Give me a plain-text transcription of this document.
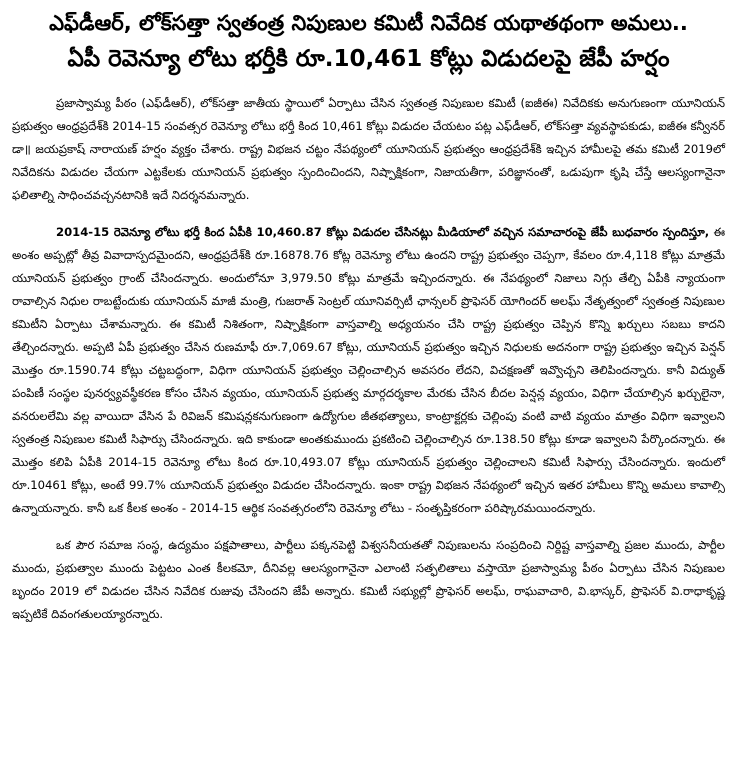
ఎఫ్‌డీఆర్, లోక్‌సత్తా స్వతంత్ర నిపుణుల కమిటీ నివేదిక యథాతథంగా అమలు..
ఏపీ రెవెన్యూ లోటు భర్తీకి రూ.10,461 కోట్లు విడుదలపై జేపీ హర్షం

ప్రజాస్వామ్య పీఠం (ఎఫ్‌డీఆర్), లోక్‌సత్తా జాతీయ స్థాయిలో ఏర్పాటు చేసిన స్వతంత్ర నిపుణుల కమిటీ (ఐజీఈ) నివేదికకు అనుగుణంగా యూనియన్ ప్రభుత్వం ఆంధ్రప్రదేశ్‌కి 2014-15 సంవత్సర రెవెన్యూ లోటు భర్తీ కింద 10,461 కోట్లు విడుదల చేయటం పట్ల ఎఫ్‌డీఆర్, లోక్‌సత్తా వ్యవస్థాపకుడు, ఐజీఈ కన్వీనర్ డా॥ జయప్రకాష్ నారాయణ్ హర్షం వ్యక్తం చేశారు. రాష్ట్ర విభజన చట్టం నేపథ్యంలో యూనియన్ ప్రభుత్వం ఆంధ్రప్రదేశ్‌కి ఇచ్చిన హామీలపై తమ కమిటీ 2019లో నివేదికను విడుదల చేయగా ఎట్టకేలకు యూనియన్ ప్రభుత్వం స్పందించిందని, నిష్పాక్షికంగా, నిజాయతీగా, పరిజ్ఞానంతో, ఒడుపుగా కృషి చేస్తే ఆలస్యంగానైనా ఫలితాల్ని సాధించవచ్చనటానికి ఇదే నిదర్శనమన్నారు.

2014-15 రెవెన్యూ లోటు భర్తీ కింద ఏపీకి 10,460.87 కోట్లు విడుదల చేసినట్లు మీడియాలో వచ్చిన సమాచారంపై జేపీ బుధవారం స్పందిస్తూ, ఈ అంశం అప్పట్లో తీవ్ర వివాదాస్పదమైందని, ఆంధ్రప్రదేశ్‌కి రూ.16878.76 కోట్ల రెవెన్యూ లోటు ఉందని రాష్ట్ర ప్రభుత్వం చెప్పగా, కేవలం రూ.4,118 కోట్లు మాత్రమే యూనియన్ ప్రభుత్వం గ్రాంట్ చేసిందన్నారు. అందులోనూ 3,979.50 కోట్లు మాత్రమే ఇచ్చిందన్నారు. ఈ నేపథ్యంలో నిజాలు నిగ్గు తేల్చి ఏపీకి న్యాయంగా రావాల్సిన నిధుల రాబట్టేందుకు యూనియన్ మాజీ మంత్రి, గుజరాత్ సెంట్రల్ యూనివర్సిటీ ఛాన్సలర్ ప్రొఫెసర్ యోగిందర్ అలఘ్ నేతృత్వంలో స్వతంత్ర నిపుణుల కమిటీని ఏర్పాటు చేశామన్నారు. ఈ కమిటీ నిశితంగా, నిష్పాక్షికంగా వాస్తవాల్ని అధ్యయనం చేసి రాష్ట్ర ప్రభుత్వం చెప్పిన కొన్ని ఖర్చులు సబబు కాదని తేల్చిందన్నారు. అప్పటి ఏపీ ప్రభుత్వం చేసిన రుణమాఫీ రూ.7,069.67 కోట్లు, యూనియన్ ప్రభుత్వం ఇచ్చిన నిధులకు అదనంగా రాష్ట్ర ప్రభుత్వం ఇచ్చిన పెన్షన్ మొత్తం రూ.1590.74 కోట్లు చట్టబద్ధంగా, విధిగా యూనియన్ ప్రభుత్వం చెల్లించాల్సిన అవసరం లేదని, విచక్షణతో ఇవ్వొచ్చని తెలిపిందన్నారు. కానీ విద్యుత్ పంపిణీ సంస్థల పునర్వ్యవస్థీకరణ కోసం చేసిన వ్యయం, యూనియన్ ప్రభుత్వ మార్గదర్శకాల మేరకు చేసిన బీదల పెన్షన్ల వ్యయం, విధిగా చేయాల్సిన ఖర్చులైనా, వనరులలేమి వల్ల వాయిదా వేసిన పే రివిజన్ కమిషన్లకనుగుణంగా ఉద్యోగుల జీతభత్యాలు, కాంట్రాక్టర్లకు చెల్లింపు వంటి వాటి వ్యయం మాత్రం విధిగా ఇవ్వాలని స్వతంత్ర నిపుణుల కమిటీ సిఫార్సు చేసిందన్నారు. ఇది కాకుండా అంతకుముందు ప్రకటించి చెల్లించాల్సిన రూ.138.50 కోట్లు కూడా ఇవ్వాలని పేర్కొందన్నారు. ఈ మొత్తం కలిపి ఏపీకి 2014-15 రెవెన్యూ లోటు కింద రూ.10,493.07 కోట్లు యూనియన్ ప్రభుత్వం చెల్లించాలని కమిటీ సిఫార్సు చేసిందన్నారు. ఇందులో రూ.10461 కోట్లు, అంటే 99.7% యూనియన్ ప్రభుత్వం విడుదల చేసిందన్నారు. ఇంకా రాష్ట్ర విభజన నేపథ్యంలో ఇచ్చిన ఇతర హామీలు కొన్ని అమలు కావాల్సి ఉన్నాయన్నారు. కానీ ఒక కీలక అంశం - 2014-15 ఆర్థిక సంవత్సరంలోని రెవెన్యూ లోటు - సంతృప్తికరంగా పరిష్కారమయిందన్నారు.

ఒక పౌర సమాజ సంస్థ, ఉద్యమం పక్షపాతాలు, పార్టీలు పక్కనపెట్టి విశ్వసనీయతతో నిపుణులను సంప్రదించి నిర్దిష్ట వాస్తవాల్ని ప్రజల ముందు, పార్టీల ముందు, ప్రభుత్వాల ముందు పెట్టటం ఎంత కీలకమో, దీనివల్ల ఆలస్యంగానైనా ఎలాంటి సత్ఫలితాలు వస్తాయో ప్రజాస్వామ్య పీఠం ఏర్పాటు చేసిన నిపుణుల బృందం 2019 లో విడుదల చేసిన నివేదిక రుజువు చేసిందని జేపీ అన్నారు. కమిటీ సభ్యుల్లో ప్రొఫెసర్ అలఘ్, రాఘవాచారి, వి.భాస్కర్, ప్రొఫెసర్ వి.రాధాకృష్ణ ఇప్పటికే దివంగతులయ్యారన్నారు.
